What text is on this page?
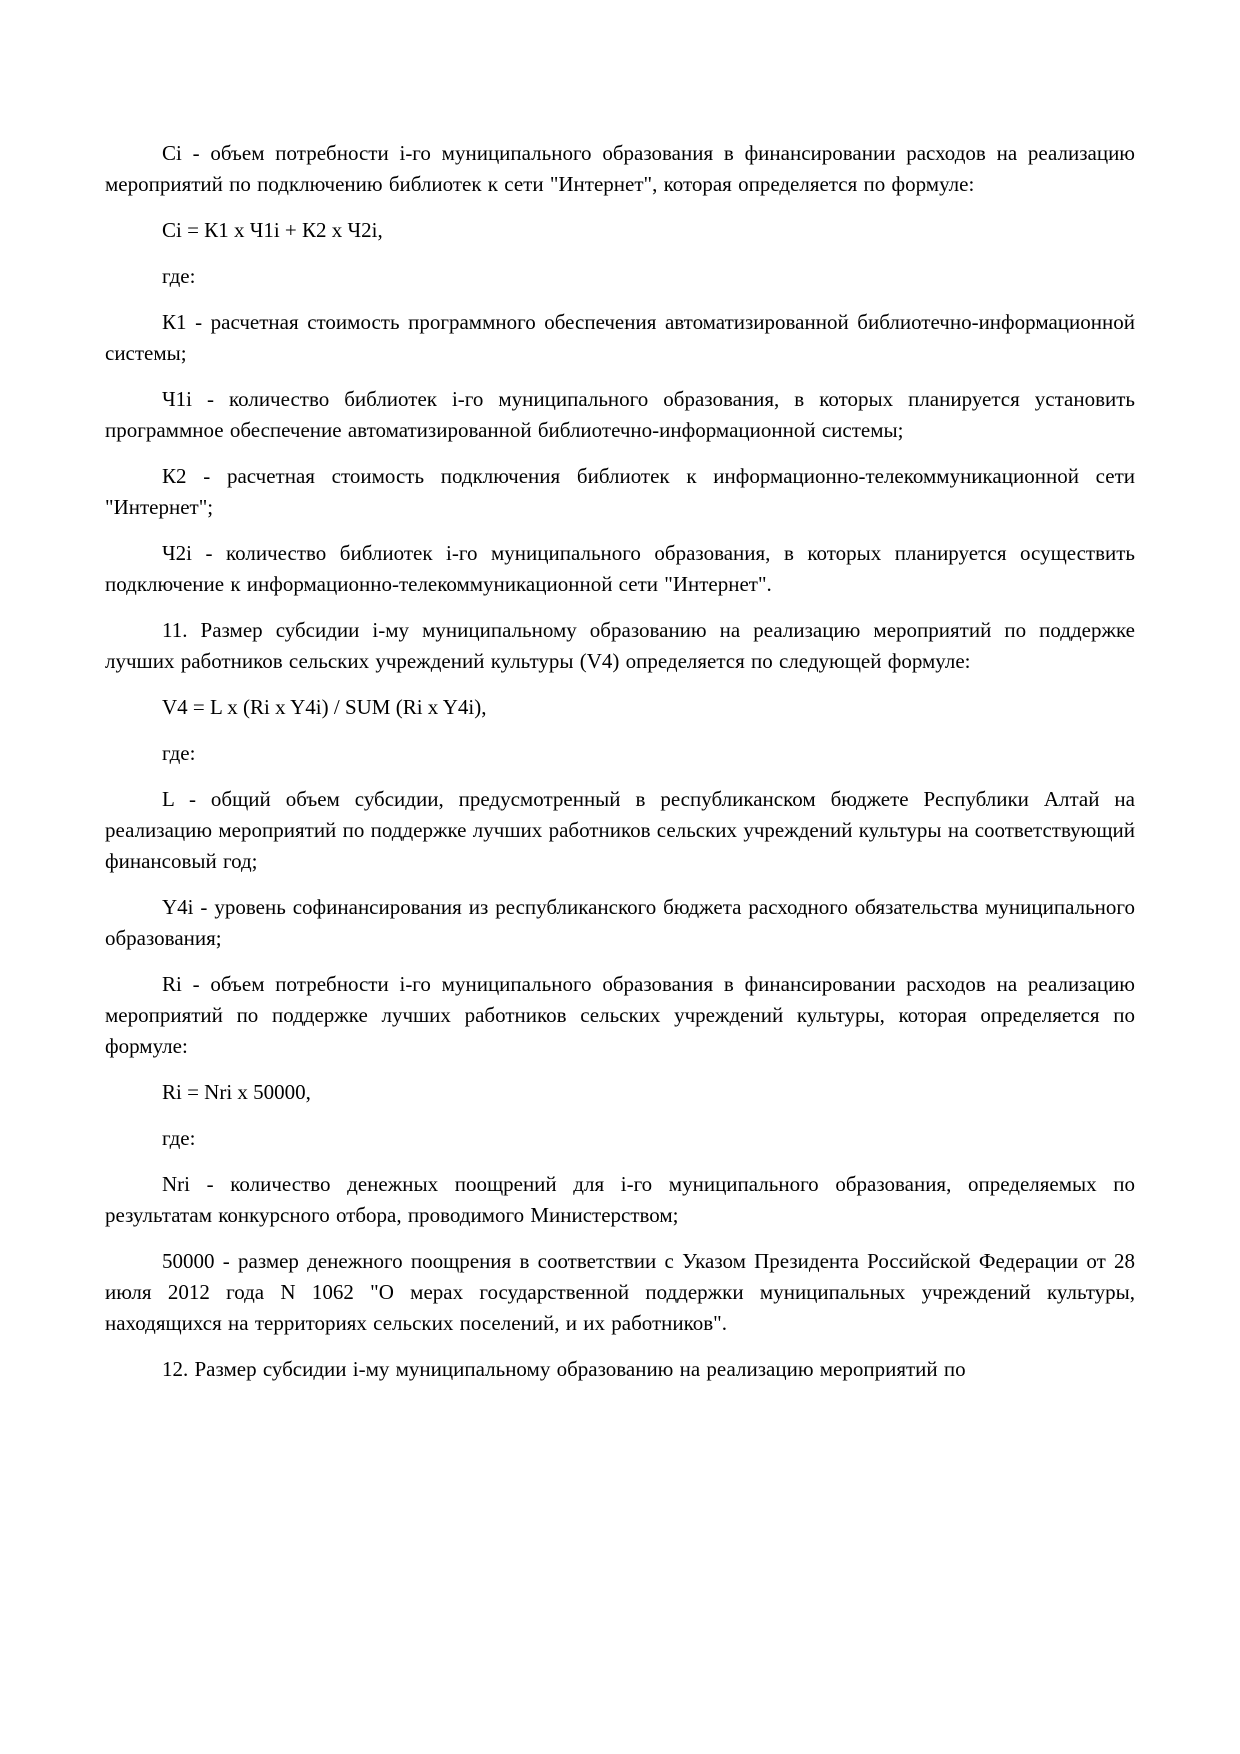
Ci - объем потребности i-го муниципального образования в финансировании расходов на реализацию мероприятий по подключению библиотек к сети "Интернет", которая определяется по формуле:

Ci = К1 х Ч1i + К2 х Ч2i,

где:

К1 - расчетная стоимость программного обеспечения автоматизированной библиотечно-информационной системы;

Ч1i - количество библиотек i-го муниципального образования, в которых планируется установить программное обеспечение автоматизированной библиотечно-информационной системы;

К2 - расчетная стоимость подключения библиотек к информационно-телекоммуникационной сети "Интернет";

Ч2i - количество библиотек i-го муниципального образования, в которых планируется осуществить подключение к информационно-телекоммуникационной сети "Интернет".

11. Размер субсидии i-му муниципальному образованию на реализацию мероприятий по поддержке лучших работников сельских учреждений культуры (V4) определяется по следующей формуле:

V4 = L x (Ri x Y4i) / SUM (Ri x Y4i),

где:

L - общий объем субсидии, предусмотренный в республиканском бюджете Республики Алтай на реализацию мероприятий по поддержке лучших работников сельских учреждений культуры на соответствующий финансовый год;

Y4i - уровень софинансирования из республиканского бюджета расходного обязательства муниципального образования;

Ri - объем потребности i-го муниципального образования в финансировании расходов на реализацию мероприятий по поддержке лучших работников сельских учреждений культуры, которая определяется по формуле:

Ri = Nri x 50000,

где:

Nri - количество денежных поощрений для i-го муниципального образования, определяемых по результатам конкурсного отбора, проводимого Министерством;

50000 - размер денежного поощрения в соответствии с Указом Президента Российской Федерации от 28 июля 2012 года N 1062 "О мерах государственной поддержки муниципальных учреждений культуры, находящихся на территориях сельских поселений, и их работников".

12. Размер субсидии i-му муниципальному образованию на реализацию мероприятий по
